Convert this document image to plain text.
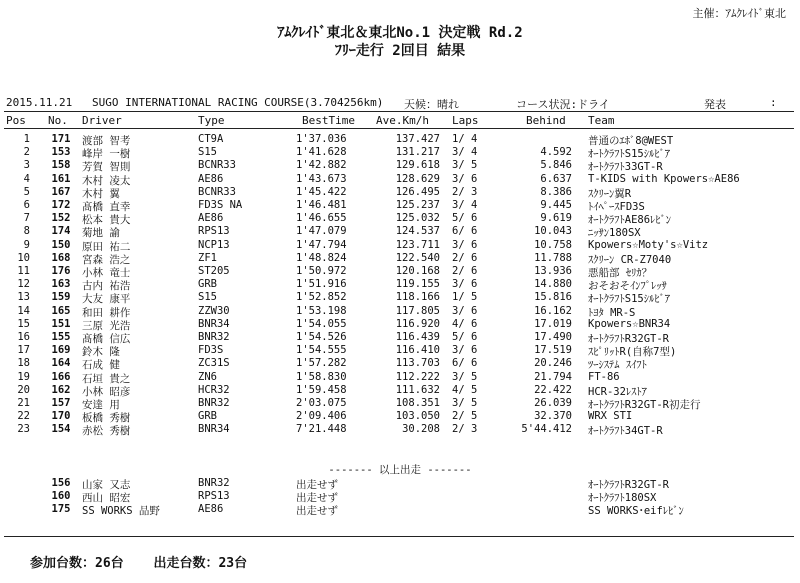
主催：ｱﾑｸﾚｲﾄﾞ東北
ｱﾑｸﾚｲﾄﾞ東北＆東北No.1 決定戦 Rd.2
ﾌﾘｰ走行 2回目 結果
2015.11.21 SUGO INTERNATIONAL RACING COURSE(3.704256km) 天候：晴れ	コース状況:ドライ	発表	:
Pos	No. Driver	Type	BestTime Ave.Km/h Laps	Behind Team
1	171	渡部 智考	CT9A	1'37.036	137.427 1/ 4	普通のｴﾎﾞ8@WEST
2	153	峰岸 一樹	S15	1'41.628	131.217 3/ 4	4.592 ｵｰﾄｸﾗﾌﾄS15ｼﾙﾋﾞｱ
3	158	芳賀 智則	BCNR33	1'42.882	129.618 3/ 5	5.846 ｵｰﾄｸﾗﾌﾄ33GT-R
4	161	木村 凌太	AE86	1'43.673	128.629 3/ 6	6.637 T-KIDS with Kpowers☆AE86
5	167	木村 翼	BCNR33	1'45.422	126.495 2/ 3	8.386 ｽｸﾘｰﾝ翼R
6	172	髙橋 直幸	FD3S NA	1'46.481	125.237 3/ 4	9.445 ﾄｲﾍﾟｰｽFD3S
7	152	松本 貴大	AE86	1'46.655	125.032 5/ 6	9.619 ｵｰﾄｸﾗﾌﾄAE86ﾚﾋﾞﾝ
8	174	菊地 諭	RPS13	1'47.079	124.537 6/ 6	10.043 ﾆｯｻﾝ180SX
9	150	原田 祐二	NCP13	1'47.794	123.711 3/ 6	10.758 Kpowers☆Moty's☆Vitz
10	168	宮森 浩之	ZF1	1'48.824	122.540 2/ 6	11.788 ｽｸﾘｰﾝ CR-Z7040
11	176	小林 竜士	ST205	1'50.972	120.168 2/ 6	13.936 悪船部 ｾﾘｶ？
12	163	古内 祐浩	GRB	1'51.916	119.155 3/ 6	14.880 おそおそｲﾝﾌﾟﾚｯｻ
13	159	大友 康平	S15	1'52.852	118.166 1/ 5	15.816 ｵｰﾄｸﾗﾌﾄS15ｼﾙﾋﾞｱ
14	165	和田 耕作	ZZW30	1'53.198	117.805 3/ 6	16.162 ﾄﾖﾀ MR-S
15	151	三原 光浩	BNR34	1'54.055	116.920 4/ 6	17.019 Kpowers☆BNR34
16	155	髙橋 信広	BNR32	1'54.526	116.439 5/ 6	17.490 ｵｰﾄｸﾗﾌﾄR32GT-R
17	169	鈴木 隆	FD3S	1'54.555	116.410 3/ 6	17.519 ｽﾋﾟﾘｯﾄR(自称7型)
18	164	石成 健	ZC31S	1'57.282	113.703 6/ 6	20.246 ﾂｰｼｽﾃﾑ ｽｲﾌﾄ
19	166	石垣 貴之	ZN6	1'58.830	112.222 3/ 5	21.794 FT-86
20	162	小林 昭彦	HCR32	1'59.458	111.632 4/ 5	22.422 HCR-32ﾚｽﾄｱ
21	157	安達 用	BNR32	2'03.075	108.351 3/ 5	26.039 ｵｰﾄｸﾗﾌﾄR32GT-R初走行
22	170	板橋 秀樹	GRB	2'09.406	103.050 2/ 5	32.370 WRX STI
23	154	赤松 秀樹	BNR34	7'21.448	30.208 2/ 3	5'44.412 ｵｰﾄｸﾗﾌﾄ34GT-R
------- 以上出走 -------
156	山家 又志	BNR32	出走せず	ｵｰﾄｸﾗﾌﾄR32GT-R
160	西山 昭宏	RPS13	出走せず	ｵｰﾄｸﾗﾌﾄ180SX
175	SS WORKS 品野	AE86	出走せず	SS WORKS･eifﾚﾋﾞﾝ
参加台数：26台 出走台数：23台
